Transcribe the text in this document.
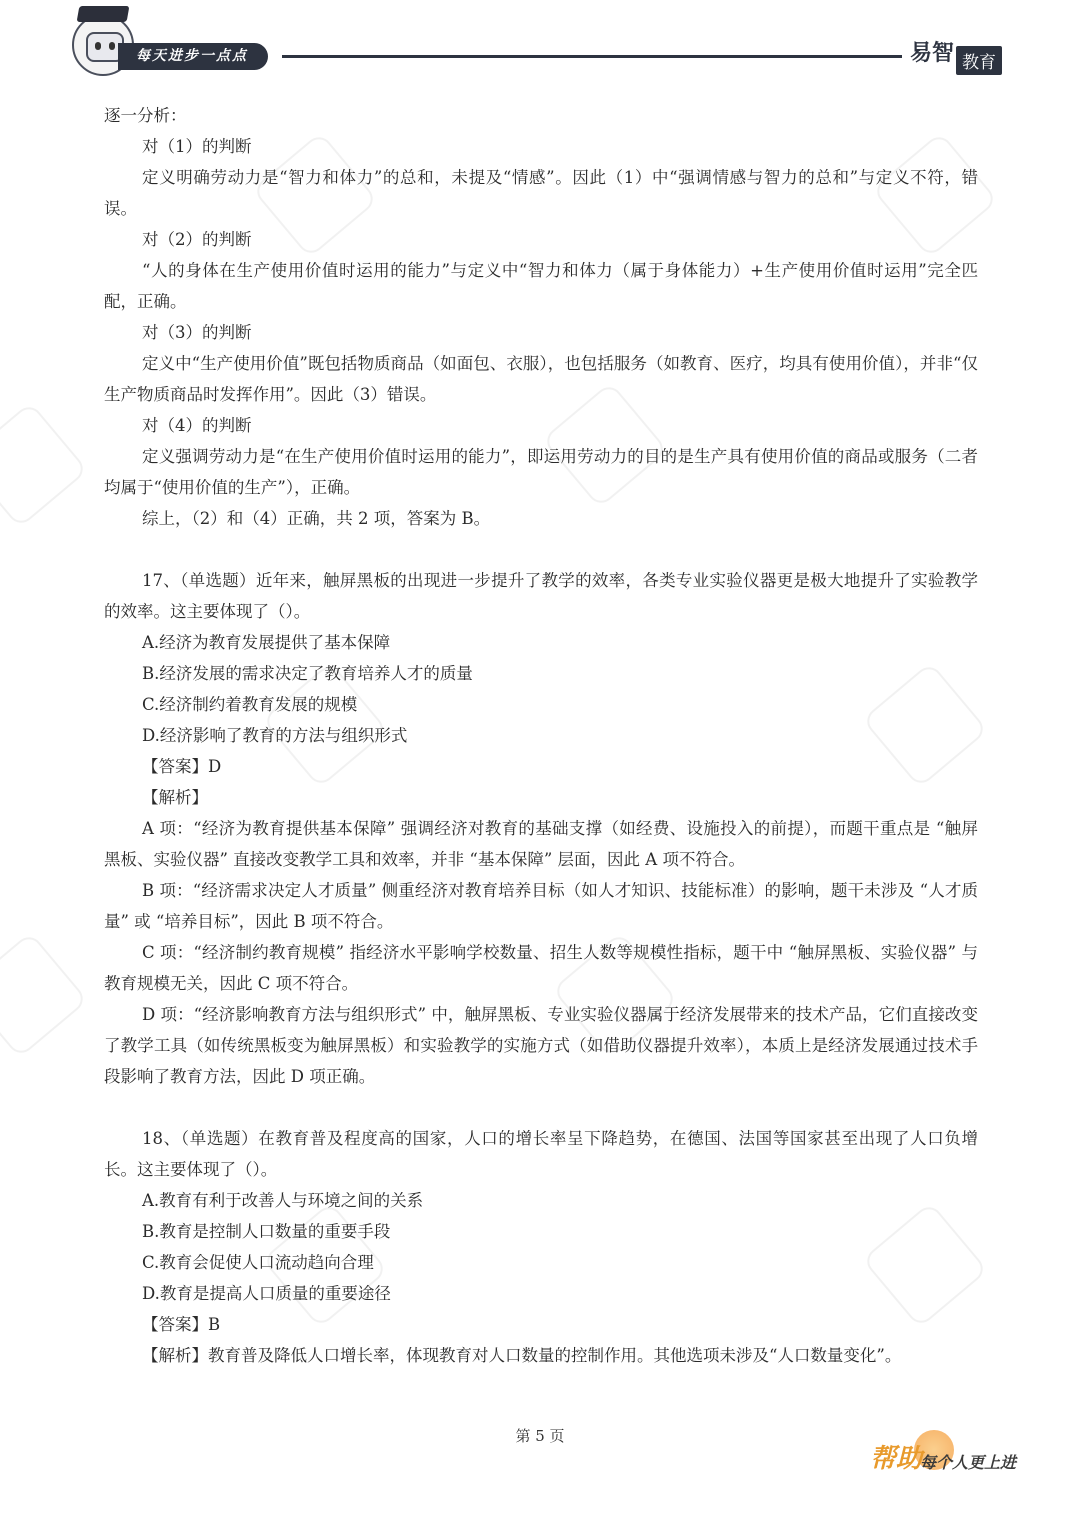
每天进步一点点	易智 教育

逐一分析：

对（1）的判断

定义明确劳动力是“智力和体力”的总和，未提及“情感”。因此（1）中“强调情感与智力的总和”与定义不符，错误。

对（2）的判断

“人的身体在生产使用价值时运用的能力”与定义中“智力和体力（属于身体能力）+生产使用价值时运用”完全匹配，正确。

对（3）的判断

定义中“生产使用价值”既包括物质商品（如面包、衣服），也包括服务（如教育、医疗，均具有使用价值），并非“仅生产物质商品时发挥作用”。因此（3）错误。

对（4）的判断

定义强调劳动力是“在生产使用价值时运用的能力”，即运用劳动力的目的是生产具有使用价值的商品或服务（二者均属于“使用价值的生产”），正确。

综上，（2）和（4）正确，共 2 项，答案为 B。

17、（单选题）近年来，触屏黑板的出现进一步提升了教学的效率，各类专业实验仪器更是极大地提升了实验教学的效率。这主要体现了（）。

A.经济为教育发展提供了基本保障

B.经济发展的需求决定了教育培养人才的质量

C.经济制约着教育发展的规模

D.经济影响了教育的方法与组织形式

【答案】D

【解析】

A 项：“经济为教育提供基本保障” 强调经济对教育的基础支撑（如经费、设施投入的前提），而题干重点是 “触屏黑板、实验仪器” 直接改变教学工具和效率，并非 “基本保障” 层面，因此 A 项不符合。

B 项：“经济需求决定人才质量” 侧重经济对教育培养目标（如人才知识、技能标准）的影响，题干未涉及 “人才质量” 或 “培养目标”，因此 B 项不符合。

C 项：“经济制约教育规模” 指经济水平影响学校数量、招生人数等规模性指标，题干中 “触屏黑板、实验仪器” 与教育规模无关，因此 C 项不符合。

D 项：“经济影响教育方法与组织形式” 中，触屏黑板、专业实验仪器属于经济发展带来的技术产品，它们直接改变了教学工具（如传统黑板变为触屏黑板）和实验教学的实施方式（如借助仪器提升效率），本质上是经济发展通过技术手段影响了教育方法，因此 D 项正确。

18、（单选题）在教育普及程度高的国家，人口的增长率呈下降趋势，在德国、法国等国家甚至出现了人口负增长。这主要体现了（）。

A.教育有利于改善人与环境之间的关系

B.教育是控制人口数量的重要手段

C.教育会促使人口流动趋向合理

D.教育是提高人口质量的重要途径

【答案】B

【解析】教育普及降低人口增长率，体现教育对人口数量的控制作用。其他选项未涉及“人口数量变化”。

第 5 页
帮助
每个人更上进
